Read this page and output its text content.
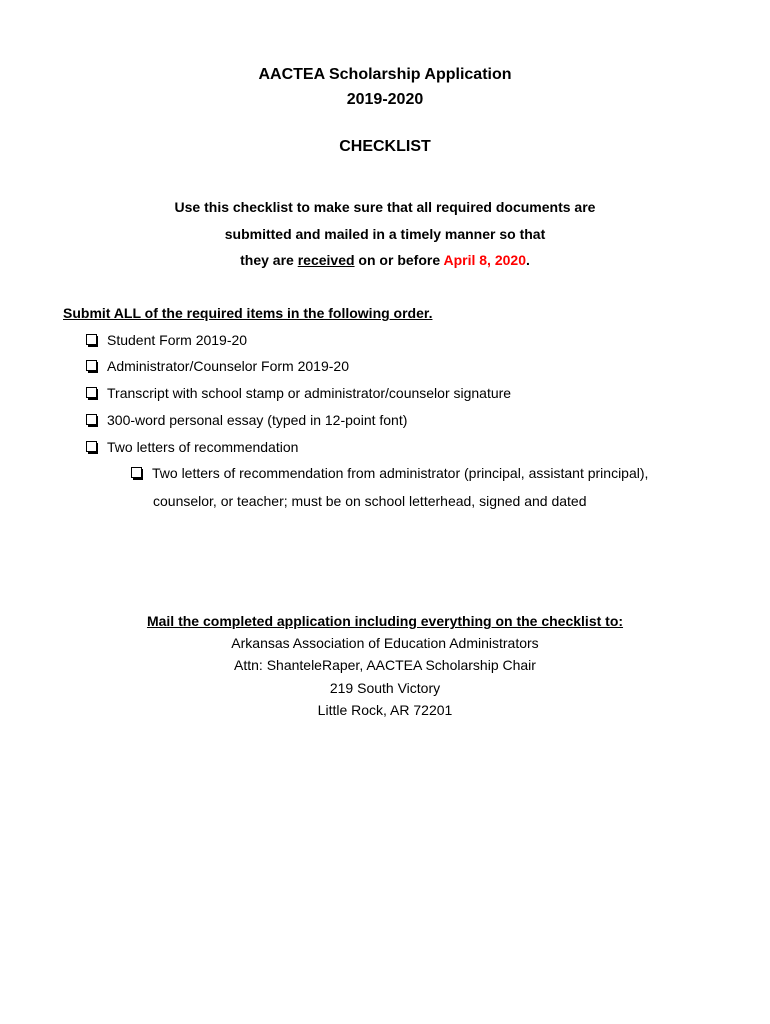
AACTEA Scholarship Application
2019-2020
CHECKLIST
Use this checklist to make sure that all required documents are
submitted and mailed in a timely manner so that
they are received on or before April 8, 2020.
Submit ALL of the required items in the following order.
Student Form 2019-20
Administrator/Counselor Form 2019-20
Transcript with school stamp or administrator/counselor signature
300-word personal essay (typed in 12-point font)
Two letters of recommendation
Two letters of recommendation from administrator (principal, assistant principal),
counselor, or teacher; must be on school letterhead, signed and dated
Mail the completed application including everything on the checklist to:
Arkansas Association of Education Administrators
Attn: ShanteleRaper, AACTEA Scholarship Chair
219 South Victory
Little Rock, AR 72201
